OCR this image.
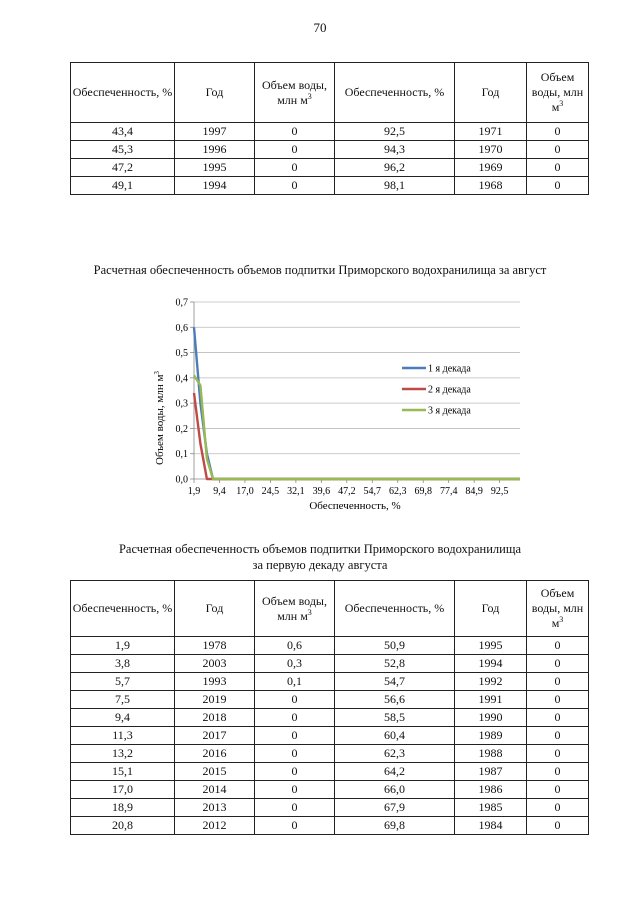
70
Обеспеченность, %	Год	Объем воды, млн $м^3$	Обеспеченность, %	Год	Объем воды, млн $м^3$
43,4	1997	0	92,5	1971	0
45,3	1996	0	94,3	1970	0
47,2	1995	0	96,2	1969	0
49,1	1994	0	98,1	1968	0
Расчетная обеспеченность объемов подпитки Приморского водохранилища за август
0,0
0,1
0,2
0,3
0,4
0,5
0,6
0,7
1,9 9,4 17,0 24,5 32,1 39,6 47,2 54,7 62,3 69,8 77,4 84,9 92,5
1 я декада
2 я декада
3 я декада
Объем воды, млн $м^3$
Обеспеченность, %
Расчетная обеспеченность объемов подпитки Приморского водохранилища
за первую декаду августа
Обеспеченность, %	Год	Объем воды, млн $м^3$	Обеспеченность, %	Год	Объем воды, млн $м^3$
1,9	1978	0,6	50,9	1995	0
3,8	2003	0,3	52,8	1994	0
5,7	1993	0,1	54,7	1992	0
7,5	2019	0	56,6	1991	0
9,4	2018	0	58,5	1990	0
11,3	2017	0	60,4	1989	0
13,2	2016	0	62,3	1988	0
15,1	2015	0	64,2	1987	0
17,0	2014	0	66,0	1986	0
18,9	2013	0	67,9	1985	0
20,8	2012	0	69,8	1984	0
